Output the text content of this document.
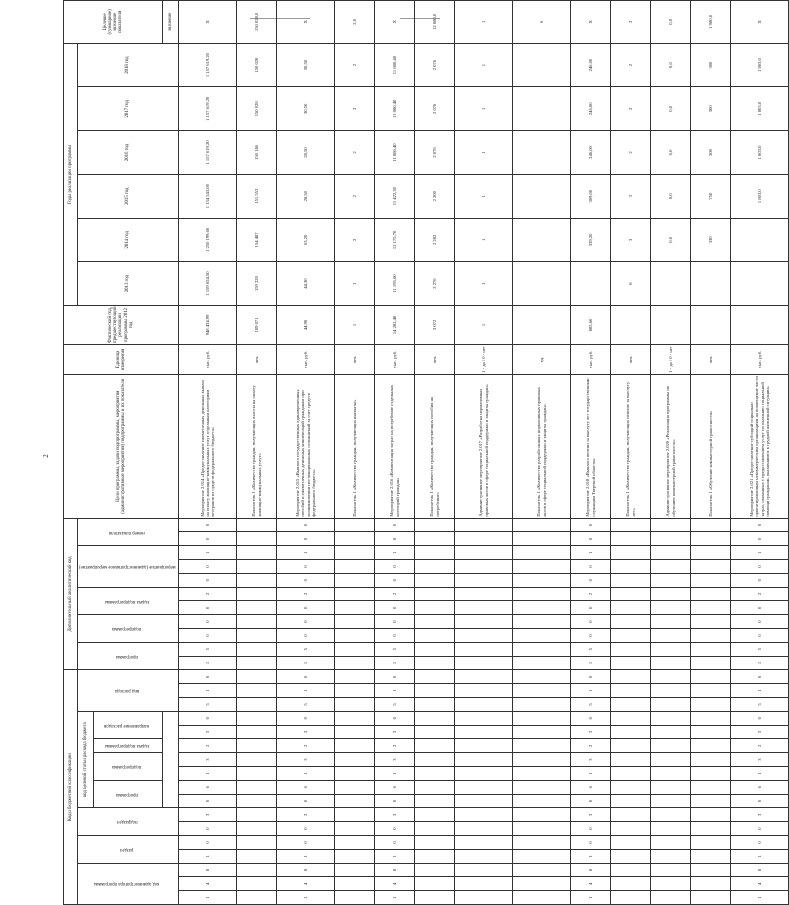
2
Коды бюджетной классификации																	Дополнительный аналитический код											Цели программы, задачи подпрограммы, мероприятия (административные мероприятия) подпрограммы и их показатели	Единица измерения	Фактический год, предшествующий реализации программы 2012 год	Годы реализации программы						Целевое (суммарное) значение показателя
код администратора программы			раздел		подраздел		код целевой статьи расхода бюджета							вид расхода			программа		подпрограмма		задача подпрограммы		мероприятие (административное мероприятие)			номер показателя					2013 год	2014 год	2015 год	2016 год	2017 год	2018 год	
							программа		подпрограмма		задача подпрограммы	направление расходов																									
																																					значение
1	4	8	1	0	0	3	0	6	1	3	2	3	0	5	1	0	1	5	0	0	0	2	0	0	1	0	0	Мероприятие 2.014 «Предоставление ежемесячных денежных выплат на оплату жилищно-коммунальных услуг отдельным категориям ветеранов из средств федерального бюджета»	тыс. руб.	948 434,99	1 159 654,50	1 250 199,60	1 134 543,00	1 157 619,20	1 157 619,20	1 157 619,20	Х
																												Показатель 1 «Количество граждан, получающих льготы на оплату жилищно-коммунальных услуг»	чел.	109 071	159 220	154 487	151 552	150 146	150 028	150 028	150 028,0
1	4	8	1	0	0	3	0	6	1	3	2	3	0	5	1	0	1	5	0	0	0	2	0	0	1	0	0	Мероприятие 2.015 «Выплата государственных единовременных пособий и ежемесячных денежных компенсаций гражданам при возникновении поствакцинальных осложнений за счет средств федерального бюджета»	тыс. руб.	44,90	44,30	63,20	28,50	28,50	30,50	30,50	Х
																												Показатель 1 «Количество граждан, получающих выплаты»	чел.	1	1	2	2	2	2	2	2,0
1	4	8	1	0	0	3	0	6	1	3	2	3	0	5	1	0	1	5	0	0	0	2	0	0	1	0	0	Мероприятие 2.016 «Компенсация затрат на погребение отдельных категорий граждан»	тыс. руб.	14 282,40	11 195,60	12 175,70	11 422,30	11 880,40	11 880,40	11 880,40	Х
																												Показатель 1 «Количество граждан, получающих пособия на погребение»	чел.	3 072	2 276	2 282	2 200	2 076	2 076	2 076	12 080,0
																												Административное мероприятие 2.017 «Разработка нормативных правовых актов в сфере социальной поддержки и защиты граждан»	1 - да / 0 - нет	1	1	1	1	1	1	1	1
																												Показатель 1 «Количество разработанных нормативных правовых актов в сфере социальной поддержки и защиты граждан»	ед.								6
1	4	8	1	0	0	3	0	6	1	3	2	3	0	5	1	0	1	5	0	0	0	2	0	0	1	0	0	Мероприятие 2.018 «Выплата пенсии за выслугу лет государственным служащим Тверской области»	тыс. руб.	885,60		339,20	309,00	246,00	246,00	246,00	Х
																												Показатель 1 «Количество граждан, получающих пенсию за выслугу лет»	чел.		8	3	3	2	2	2	2
																												Административное мероприятие 2.020 «Реализация программы по обучению компьютерной грамотности»	1 - да / 0 - нет			0,0	0,0	0,0	0,0	0,0	0,0
																												Показатель 1 «Обучение компьютерной грамотности»	чел.			330	750	300	300	300	1 980,0
1	4	8	1	0	0	3	0	6	1	3	2	3	0	5	1	0	1	5	0	0	0	2	0	0	1	0	0	Мероприятие 2.021 «Предоставление субсидий социально ориентированным некоммерческим организациям на возмещение части затрат, связанных с предоставлением услуг по оказанию социальной помощи гражданам, оказавшимся в трудной жизненной ситуации»	тыс. руб.				1 803,0	1 803,0	1 803,0	1 803,0	Х
